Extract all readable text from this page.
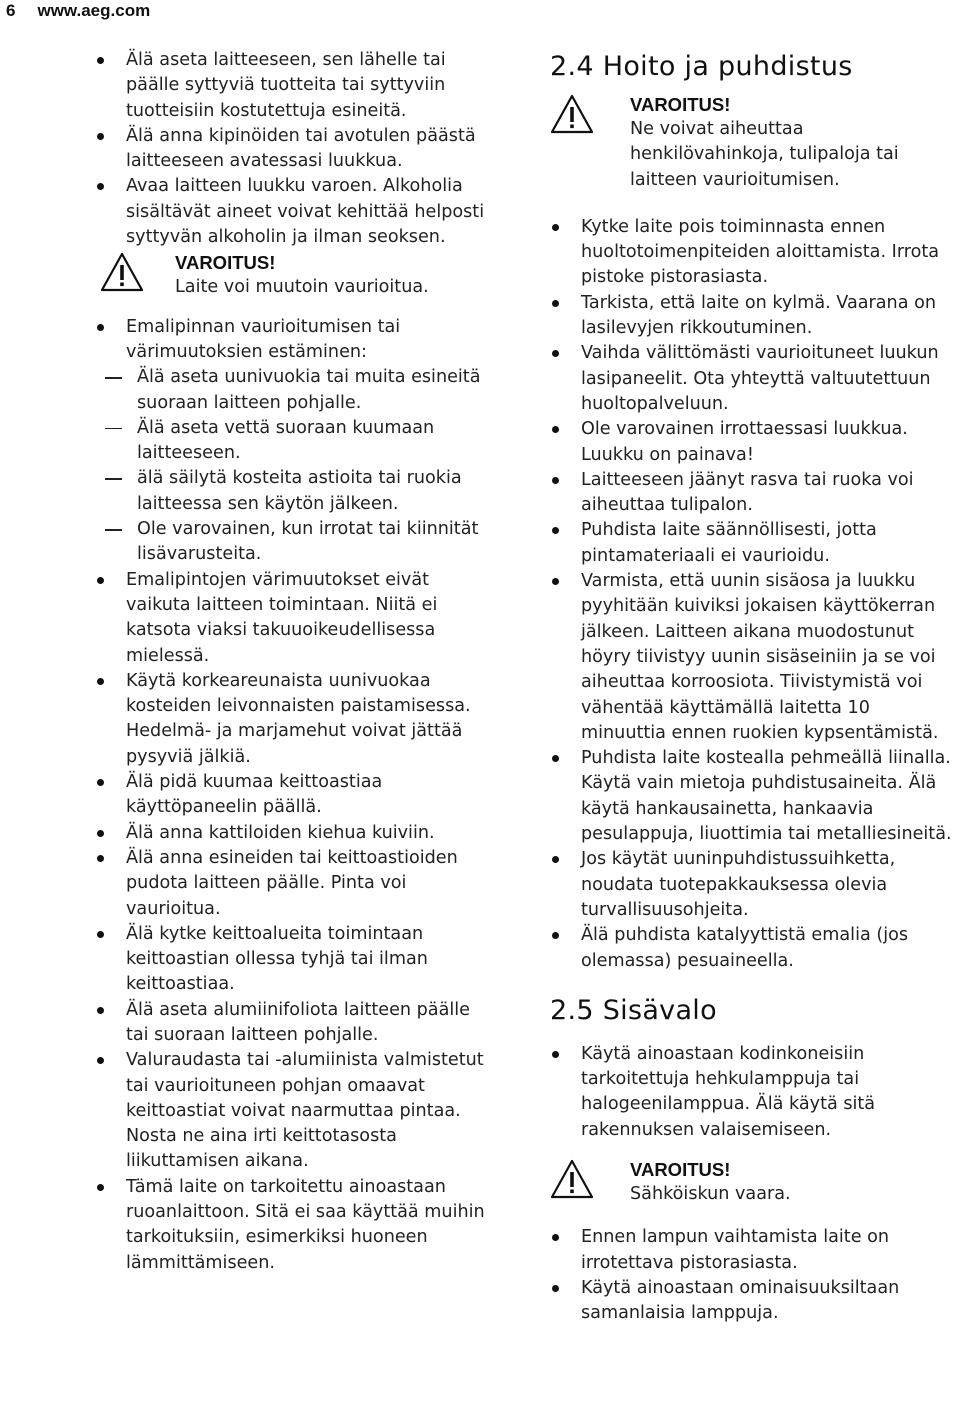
6 www.aeg.com
Älä aseta laitteeseen, sen lähelle tai päälle syttyviä tuotteita tai syttyviin tuotteisiin kostutettuja esineitä.
Älä anna kipinöiden tai avotulen päästä laitteeseen avatessasi luukkua.
Avaa laitteen luukku varoen. Alkoholia sisältävät aineet voivat kehittää helposti syttyvän alkoholin ja ilman seoksen.
VAROITUS!
Laite voi muutoin vaurioitua.
Emalipinnan vaurioitumisen tai värimuutoksien estäminen:
Älä aseta uunivuokia tai muita esineitä suoraan laitteen pohjalle.
Älä aseta vettä suoraan kuumaan laitteeseen.
älä säilytä kosteita astioita tai ruokia laitteessa sen käytön jälkeen.
Ole varovainen, kun irrotat tai kiinnität lisävarusteita.
Emalipintojen värimuutokset eivät vaikuta laitteen toimintaan. Niitä ei katsota viaksi takuuoikeudellisessa mielessä.
Käytä korkeareunaista uunivuokaa kosteiden leivonnaisten paistamisessa. Hedelmä- ja marjamehut voivat jättää pysyviä jälkiä.
Älä pidä kuumaa keittoastiaa käyttöpaneelin päällä.
Älä anna kattiloiden kiehua kuiviin.
Älä anna esineiden tai keittoastioiden pudota laitteen päälle. Pinta voi vaurioitua.
Älä kytke keittoalueita toimintaan keittoastian ollessa tyhjä tai ilman keittoastiaa.
Älä aseta alumiinifoliota laitteen päälle tai suoraan laitteen pohjalle.
Valuraudasta tai -alumiinista valmistetut tai vaurioituneen pohjan omaavat keittoastiat voivat naarmuttaa pintaa. Nosta ne aina irti keittotasosta liikuttamisen aikana.
Tämä laite on tarkoitettu ainoastaan ruoanlaittoon. Sitä ei saa käyttää muihin tarkoituksiin, esimerkiksi huoneen lämmittämiseen.
2.4 Hoito ja puhdistus
VAROITUS!
Ne voivat aiheuttaa henkilövahinkoja, tulipaloja tai laitteen vaurioitumisen.
Kytke laite pois toiminnasta ennen huoltotoimenpiteiden aloittamista. Irrota pistoke pistorasiasta.
Tarkista, että laite on kylmä. Vaarana on lasilevyjen rikkoutuminen.
Vaihda välittömästi vaurioituneet luukun lasipaneelit. Ota yhteyttä valtuutettuun huoltopalveluun.
Ole varovainen irrottaessasi luukkua. Luukku on painava!
Laitteeseen jäänyt rasva tai ruoka voi aiheuttaa tulipalon.
Puhdista laite säännöllisesti, jotta pintamateriaali ei vaurioidu.
Varmista, että uunin sisäosa ja luukku pyyhitään kuiviksi jokaisen käyttökerran jälkeen. Laitteen aikana muodostunut höyry tiivistyy uunin sisäseiniin ja se voi aiheuttaa korroosiota. Tiivistymistä voi vähentää käyttämällä laitetta 10 minuuttia ennen ruokien kypsentämistä.
Puhdista laite kostealla pehmeällä liinalla. Käytä vain mietoja puhdistusaineita. Älä käytä hankausainetta, hankaavia pesulappuja, liuottimia tai metalliesineitä.
Jos käytät uuninpuhdistussuihketta, noudata tuotepakkauksessa olevia turvallisuusohjeita.
Älä puhdista katalyyttistä emalia (jos olemassa) pesuaineella.
2.5 Sisävalo
Käytä ainoastaan kodinkoneisiin tarkoitettuja hehkulamppuja tai halogeenilamppua. Älä käytä sitä rakennuksen valaisemiseen.
VAROITUS!
Sähköiskun vaara.
Ennen lampun vaihtamista laite on irrotettava pistorasiasta.
Käytä ainoastaan ominaisuuksiltaan samanlaisia lamppuja.
